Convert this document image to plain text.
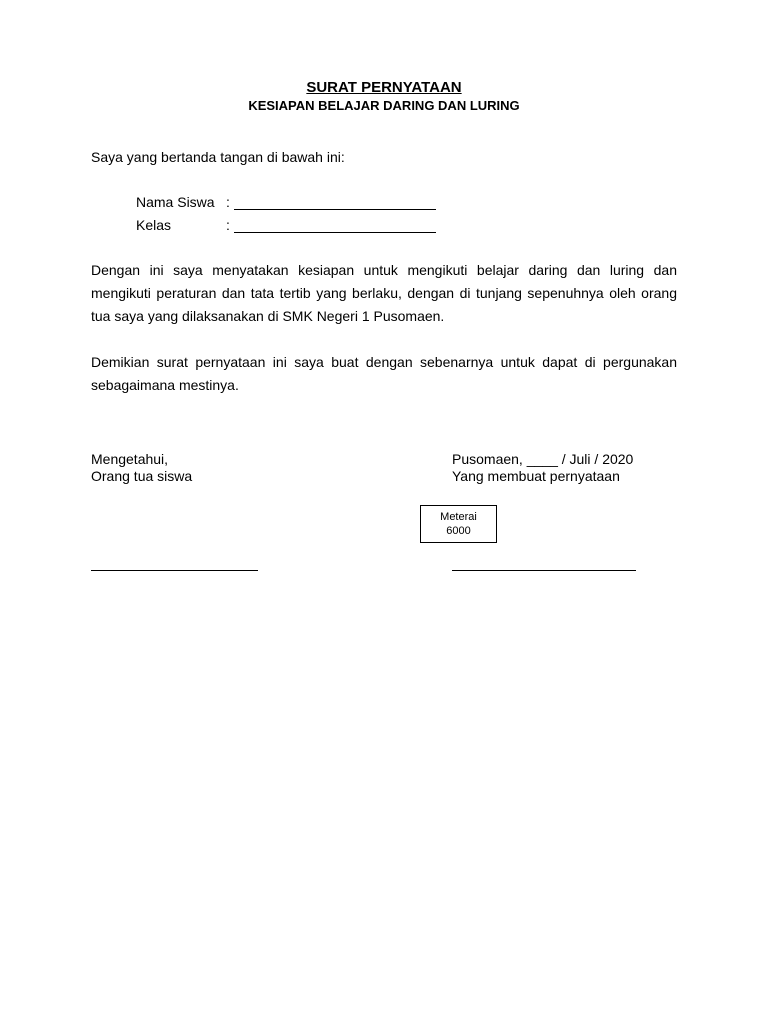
SURAT PERNYATAAN
KESIAPAN BELAJAR DARING DAN LURING

Saya yang bertanda tangan di bawah ini:

Nama Siswa :
Kelas	:

Dengan ini saya menyatakan kesiapan untuk mengikuti belajar daring dan luring dan mengikuti peraturan dan tata tertib yang berlaku, dengan di tunjang sepenuhnya oleh orang tua saya yang dilaksanakan di SMK Negeri 1 Pusomaen.

Demikian surat pernyataan ini saya buat dengan sebenarnya untuk dapat di pergunakan sebagaimana mestinya.

Mengetahui,

Orang tua siswa

Pusomaen, ____ / Juli / 2020

Yang membuat pernyataan

Meterai
6000
